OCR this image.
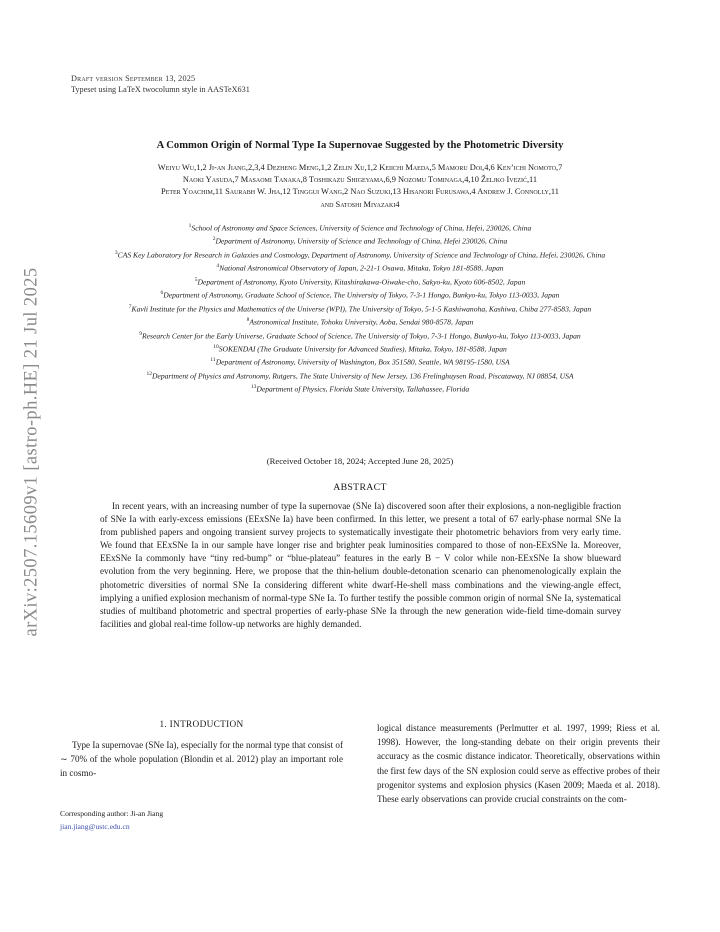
arXiv:2507.15609v1 [astro-ph.HE] 21 Jul 2025
Draft version September 13, 2025
Typeset using LaTeX twocolumn style in AASTeX631
A Common Origin of Normal Type Ia Supernovae Suggested by the Photometric Diversity
Weiyu Wu,1,2 Ji-an Jiang,2,3,4 Dezheng Meng,1,2 Zelin Xu,1,2 Keiichi Maeda,5 Mamoru Doi,4,6 Ken’ichi Nomoto,7
Naoki Yasuda,7 Masaomi Tanaka,8 Toshikazu Shigeyama,6,9 Nozomu Tominaga,4,10 Željko Ivezić,11
Peter Yoachim,11 Saurabh W. Jha,12 Tinggui Wang,2 Nao Suzuki,13 Hisanori Furusawa,4 Andrew J. Connolly,11
and Satoshi Miyazaki4
$^1$School of Astronomy and Space Sciences, University of Science and Technology of China, Hefei, 230026, China
$^2$Department of Astronomy, University of Science and Technology of China, Hefei 230026, China
$^3$CAS Key Laboratory for Research in Galaxies and Cosmology, Department of Astronomy, University of Science and Technology of China, Hefei, 230026, China
$^4$National Astronomical Observatory of Japan, 2-21-1 Osawa, Mitaka, Tokyo 181-8588, Japan
$^5$Department of Astronomy, Kyoto University, Kitashirakawa-Oiwake-cho, Sakyo-ku, Kyoto 606-8502, Japan
$^6$Department of Astronomy, Graduate School of Science, The University of Tokyo, 7-3-1 Hongo, Bunkyo-ku, Tokyo 113-0033, Japan
$^7$Kavli Institute for the Physics and Mathematics of the Universe (WPI), The University of Tokyo, 5-1-5 Kashiwanoha, Kashiwa, Chiba 277-8583, Japan
$^8$Astronomical Institute, Tohoku University, Aoba, Sendai 980-8578, Japan
$^9$Research Center for the Early Universe, Graduate School of Science, The University of Tokyo, 7-3-1 Hongo, Bunkyo-ku, Tokyo 113-0033, Japan
$^{10}$SOKENDAI (The Graduate University for Advanced Studies), Mitaka, Tokyo, 181-8588, Japan
$^{11}$Department of Astronomy, University of Washington, Box 351580, Seattle, WA 98195-1580, USA
$^{12}$Department of Physics and Astronomy, Rutgers, The State University of New Jersey, 136 Frelinghuysen Road, Piscataway, NJ 08854, USA
$^{13}$Department of Physics, Florida State University, Tallahassee, Florida
(Received October 18, 2024; Accepted June 28, 2025)
ABSTRACT
In recent years, with an increasing number of type Ia supernovae (SNe Ia) discovered soon after their explosions, a non-negligible fraction of SNe Ia with early-excess emissions (EExSNe Ia) have been confirmed. In this letter, we present a total of 67 early-phase normal SNe Ia from published papers and ongoing transient survey projects to systematically investigate their photometric behaviors from very early time. We found that EExSNe Ia in our sample have longer rise and brighter peak luminosities compared to those of non-EExSNe Ia. Moreover, EExSNe Ia commonly have “tiny red-bump” or “blue-plateau” features in the early B − V color while non-EExSNe Ia show blueward evolution from the very beginning. Here, we propose that the thin-helium double-detonation scenario can phenomenologically explain the photometric diversities of normal SNe Ia considering different white dwarf-He-shell mass combinations and the viewing-angle effect, implying a unified explosion mechanism of normal-type SNe Ia. To further testify the possible common origin of normal SNe Ia, systematical studies of multiband photometric and spectral properties of early-phase SNe Ia through the new generation wide-field time-domain survey facilities and global real-time follow-up networks are highly demanded.
1. INTRODUCTION

Type Ia supernovae (SNe Ia), especially for the normal type that consist of ∼ 70% of the whole population (Blondin et al. 2012) play an important role in cosmo-

Corresponding author: Ji-an Jiang
jian.jiang@ustc.edu.cn

logical distance measurements (Perlmutter et al. 1997, 1999; Riess et al. 1998). However, the long-standing debate on their origin prevents their accuracy as the cosmic distance indicator. Theoretically, observations within the first few days of the SN explosion could serve as effective probes of their progenitor systems and explosion physics (Kasen 2009; Maeda et al. 2018). These early observations can provide crucial constraints on the com-
